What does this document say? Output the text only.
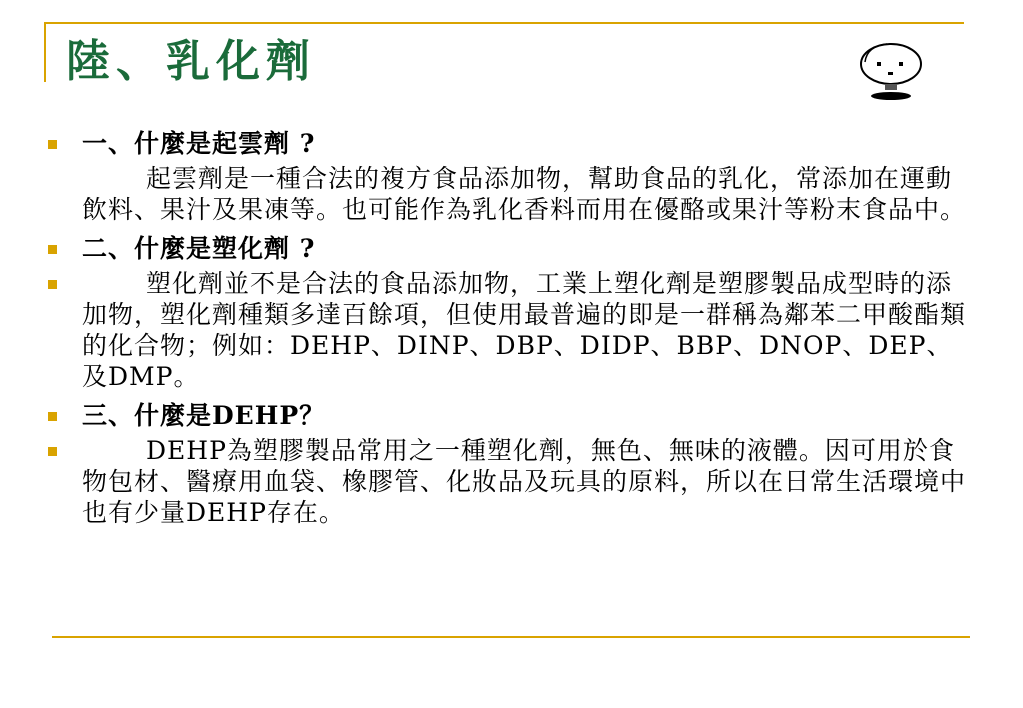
陸、乳化劑
一、什麼是起雲劑 ?
起雲劑是一種合法的複方食品添加物，幫助食品的乳化，常添加在運動飲料、果汁及果凍等。也可能作為乳化香料而用在優酪或果汁等粉末食品中。
二、什麼是塑化劑 ?
塑化劑並不是合法的食品添加物，工業上塑化劑是塑膠製品成型時的添加物，塑化劑種類多達百餘項，但使用最普遍的即是一群稱為鄰苯二甲酸酯類的化合物；例如：DEHP、DINP、DBP、DIDP、BBP、DNOP、DEP、及DMP。
三、什麼是DEHP？
DEHP為塑膠製品常用之一種塑化劑，無色、無味的液體。因可用於食物包材、醫療用血袋、橡膠管、化妝品及玩具的原料，所以在日常生活環境中也有少量DEHP存在。
